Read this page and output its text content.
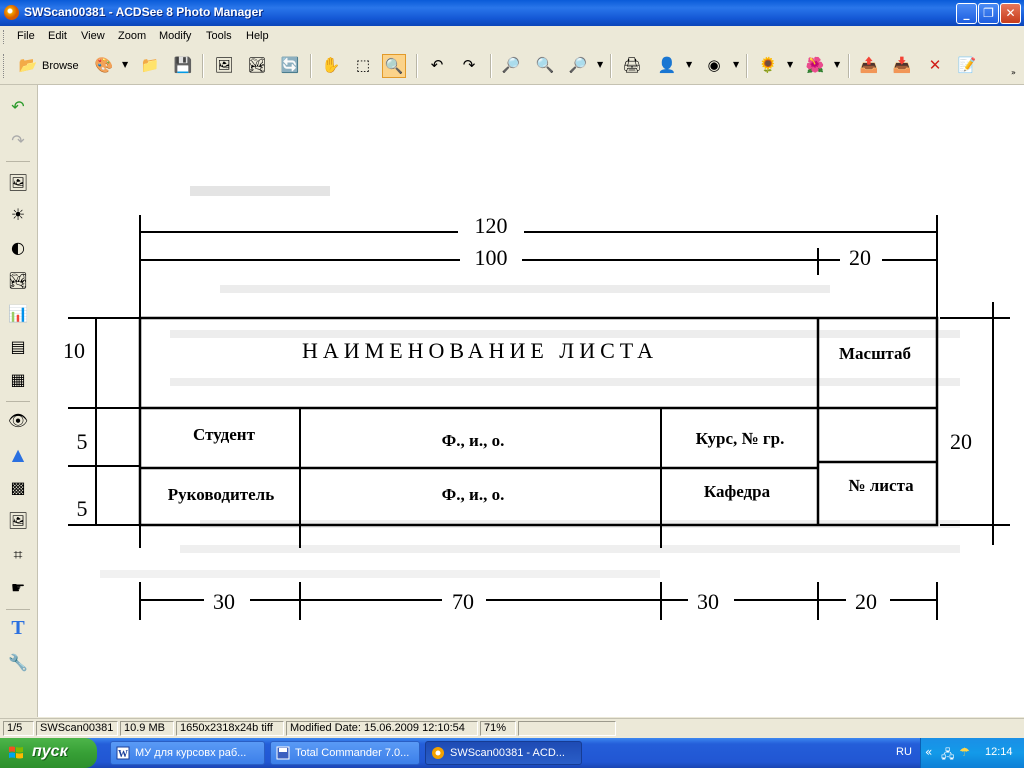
SWScan00381 - ACDSee 8 Photo Manager	_	❐ ✕
File Edit View Zoom Modify Tools Help
📂 Browse 🎨	▼ 📁 💾 🖼 🏞 🔄 ✋	⬚ 🔍	↶	↷	🔎 🔍 🔎	▼ 🖨 👤	▼	◉	▼ 🌻	▼ 🌺	▼ 📤 📥	✕	📝	»
↶
↷
🖼
☀
◐
🏞
📊
▤
▦
👁
▲
▩
🖼
⌗
☛
T
🔧
120
100	20
10
5
5
20
30	70	30	20
НАИМЕНОВАНИЕ ЛИСТА	Масштаб
Студент	Ф., и., о.	Курс, № гр.
Руководитель	Ф., и., о.	Кафедра	№ листа
1/5	SWScan00381 10.9 MB	1650x2318x24b tiff	Modified Date: 15.06.2009 12:10:54	71%
пуск	W МУ для курсовх раб...	Total Commander 7.0...	SWScan00381 - ACD...	RU « 🖧 ☂ 12:14
